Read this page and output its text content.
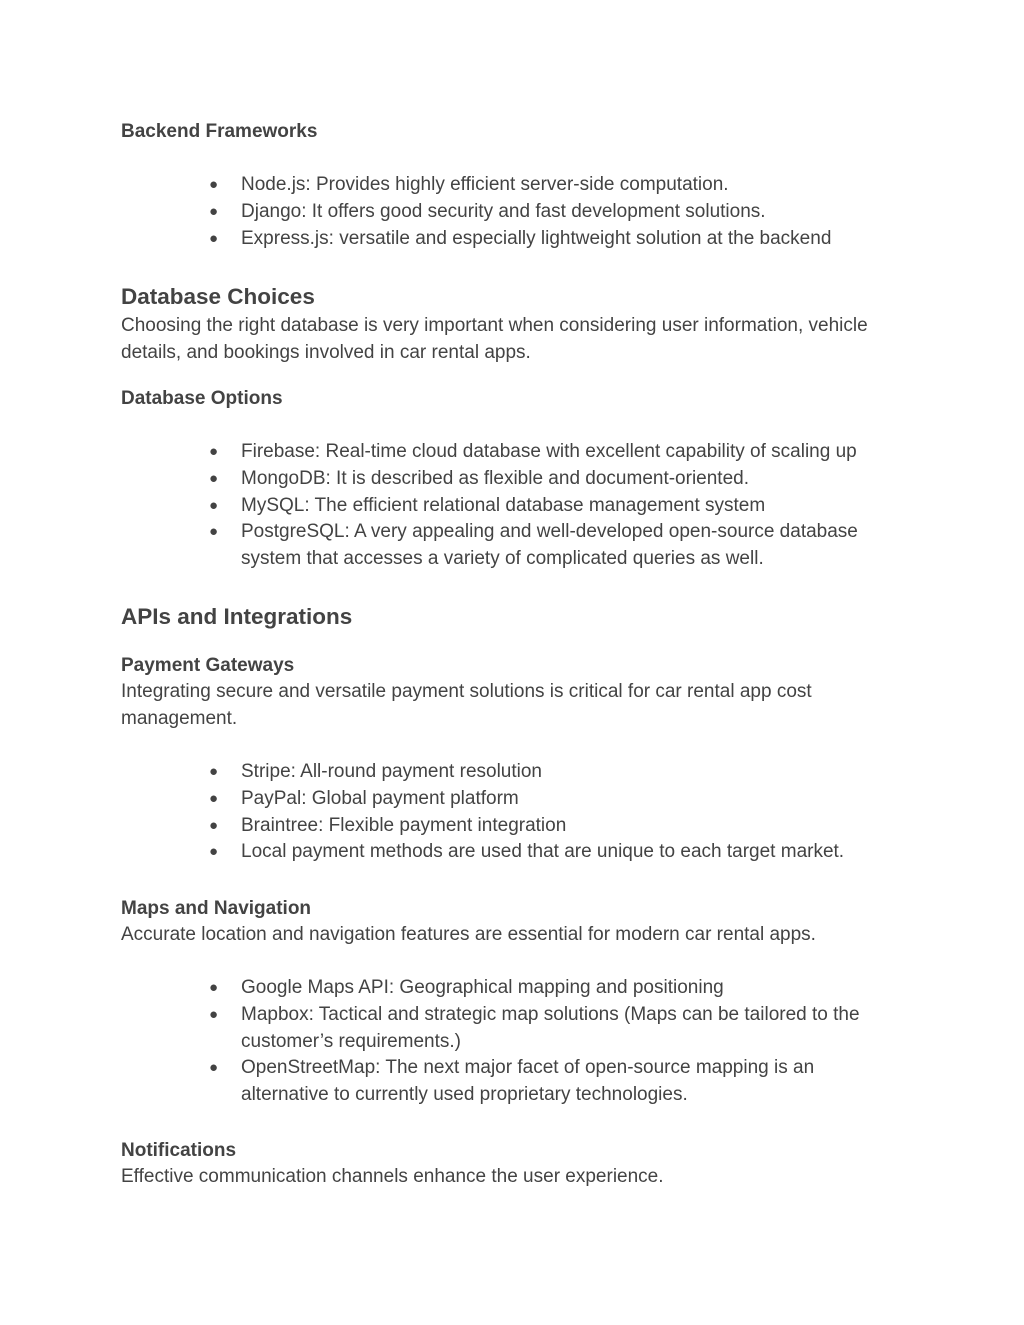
Backend Frameworks
● Node.js: Provides highly efficient server-side computation.
● Django: It offers good security and fast development solutions.
● Express.js: versatile and especially lightweight solution at the backend
Database Choices
Choosing the right database is very important when considering user information, vehicle details, and bookings involved in car rental apps.
Database Options
● Firebase: Real-time cloud database with excellent capability of scaling up
● MongoDB: It is described as flexible and document-oriented.
● MySQL: The efficient relational database management system
● PostgreSQL: A very appealing and well-developed open-source database system that accesses a variety of complicated queries as well.
APIs and Integrations
Payment Gateways
Integrating secure and versatile payment solutions is critical for car rental app cost management.
● Stripe: All-round payment resolution
● PayPal: Global payment platform
● Braintree: Flexible payment integration
● Local payment methods are used that are unique to each target market.
Maps and Navigation
Accurate location and navigation features are essential for modern car rental apps.
● Google Maps API: Geographical mapping and positioning
● Mapbox: Tactical and strategic map solutions (Maps can be tailored to the customer’s requirements.)
● OpenStreetMap: The next major facet of open-source mapping is an alternative to currently used proprietary technologies.
Notifications
Effective communication channels enhance the user experience.
